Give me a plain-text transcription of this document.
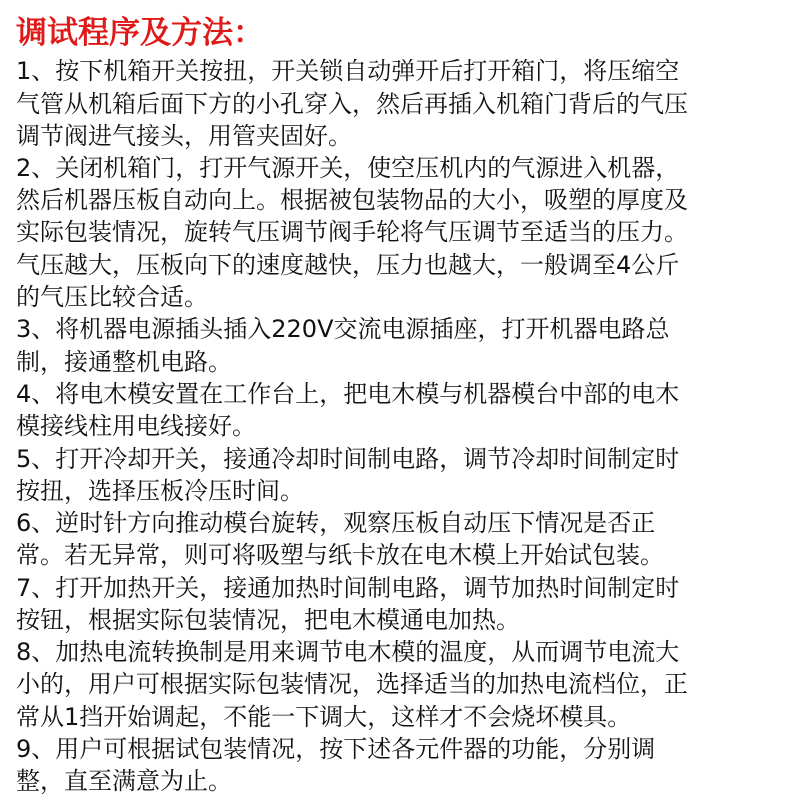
调试程序及方法：
1、按下机箱开关按扭，开关锁自动弹开后打开箱门，将压缩空
气管从机箱后面下方的小孔穿入，然后再插入机箱门背后的气压
调节阀进气接头，用管夹固好。
2、关闭机箱门，打开气源开关，使空压机内的气源进入机器，
然后机器压板自动向上。根据被包装物品的大小，吸塑的厚度及
实际包装情况，旋转气压调节阀手轮将气压调节至适当的压力。
气压越大，压板向下的速度越快，压力也越大，一般调至4公斤
的气压比较合适。
3、将机器电源插头插入220V交流电源插座，打开机器电路总
制，接通整机电路。
4、将电木模安置在工作台上，把电木模与机器模台中部的电木
模接线柱用电线接好。
5、打开冷却开关，接通冷却时间制电路，调节冷却时间制定时
按扭，选择压板冷压时间。
6、逆时针方向推动模台旋转，观察压板自动压下情况是否正
常。若无异常，则可将吸塑与纸卡放在电木模上开始试包装。
7、打开加热开关，接通加热时间制电路，调节加热时间制定时
按钮，根据实际包装情况，把电木模通电加热。
8、加热电流转换制是用来调节电木模的温度，从而调节电流大
小的，用户可根据实际包装情况，选择适当的加热电流档位，正
常从1挡开始调起，不能一下调大，这样才不会烧坏模具。
9、用户可根据试包装情况，按下述各元件器的功能，分别调
整，直至满意为止。
